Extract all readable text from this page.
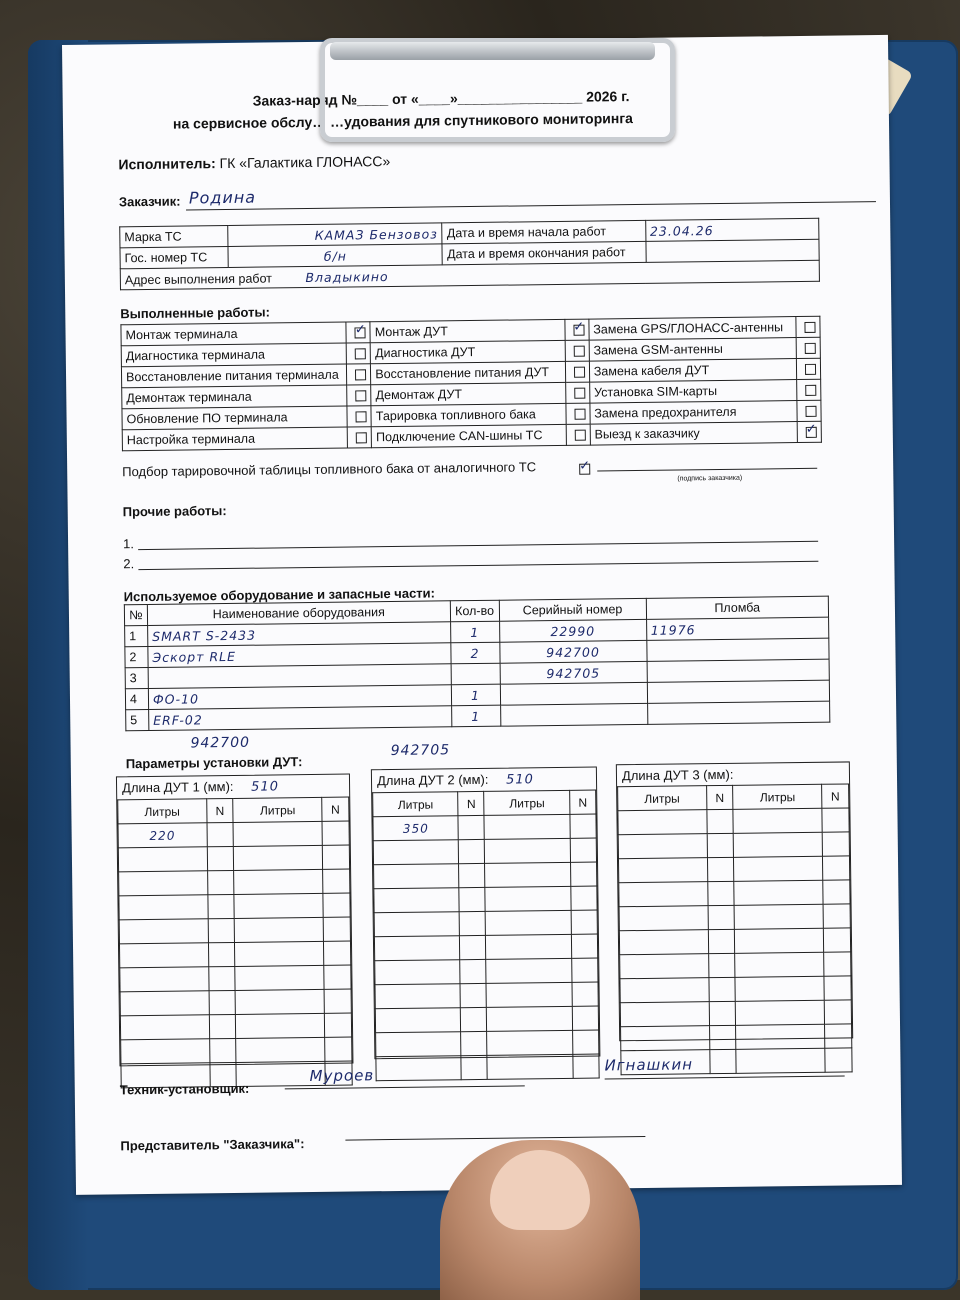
Заказ-наряд №____ от «____»________________ 2026 г.
на сервисное обслу… …удования для спутникового мониторинга
Исполнитель: ГК «Галактика ГЛОНАСС»
Заказчик: Родина
Марка ТС	КАМАЗ Бензовоз	Дата и время начала работ	23.04.26
Гос. номер ТС	б/н	Дата и время окончания работ	
Адрес выполнения работ Владыкино			
Выполненные работы:
Монтаж терминала	✓	Монтаж ДУТ	✓	Замена GPS/ГЛОНАСС-антенны	
Диагностика терминала		Диагностика ДУТ		Замена GSM-антенны	
Восстановление питания терминала		Восстановление питания ДУТ		Замена кабеля ДУТ	
Демонтаж терминала		Демонтаж ДУТ		Установка SIM-карты	
Обновление ПО терминала		Тарировка топливного бака		Замена предохранителя	
Настройка терминала		Подключение CAN-шины ТС		Выезд к заказчику	✓
Подбор тарировочной таблицы топливного бака от аналогичного ТС
✓	(подпись заказчика)
Прочие работы:
1.
2.
Используемое оборудование и запасные части:
№	Наименование оборудования	Кол-во	Серийный номер	Пломба
1	SMART S-2433	1	22990	11976
2	Эскорт RLE	2	942700	
3			942705	
4	ФО-10	1		
5	ERF-02	1		
942700	942705
Параметры установки ДУТ:
Длина ДУТ 1 (мм): 510
Литры	N	Литры	N
220			

Длина ДУТ 2 (мм): 510
Литры	N	Литры	N
350			

Длина ДУТ 3 (мм):
Литры	N	Литры	N

Техник-установщик:
Муроев
Игнашкин
Представитель "Заказчика":
